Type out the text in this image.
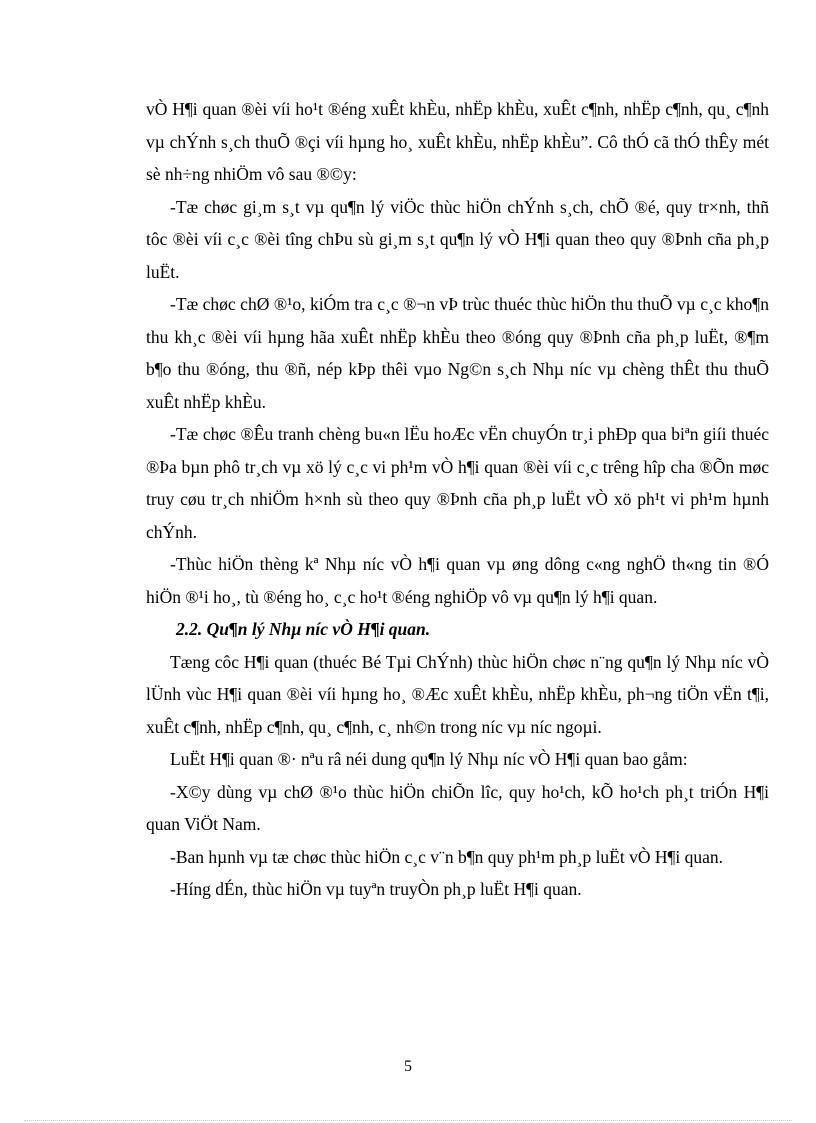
vÒ H¶i quan ®èi víi ho¹t ®éng xuÊt khÈu, nhËp khÈu, xuÊt c¶nh, nhËp c¶nh, qu¸ c¶nh vµ chÝnh s¸ch thuÕ ®çi víi hµng ho¸ xuÊt khÈu, nhËp khÈu”. Cô thÓ cã thÓ thÊy mét sè nh÷ng nhiÖm vô sau ®©y:

-Tæ chøc gi¸m s¸t vµ qu¶n lý viÖc thùc hiÖn chÝnh s¸ch, chÕ ®é, quy tr×nh, thñ tôc ®èi víi c¸c ®èi tîng chÞu sù gi¸m s¸t qu¶n lý vÒ H¶i quan theo quy ®Þnh cña ph¸p luËt.

-Tæ chøc chØ ®¹o, kiÓm tra c¸c ®¬n vÞ trùc thuéc thùc hiÖn thu thuÕ vµ c¸c kho¶n thu kh¸c ®èi víi hµng hãa xuÊt nhËp khÈu theo ®óng quy ®Þnh cña ph¸p luËt, ®¶m b¶o thu ®óng, thu ®ñ, nép kÞp thêi vµo Ng©n s¸ch Nhµ níc vµ chèng thÊt thu thuÕ xuÊt nhËp khÈu.

-Tæ chøc ®Êu tranh chèng bu«n lËu hoÆc vËn chuyÓn tr¸i phÐp qua biªn giíi thuéc ®Þa bµn phô tr¸ch vµ xö lý c¸c vi ph¹m vÒ h¶i quan ®èi víi c¸c trêng hîp cha ®Õn møc truy cøu tr¸ch nhiÖm h×nh sù theo quy ®Þnh cña ph¸p luËt vÒ xö ph¹t vi ph¹m hµnh chÝnh.

-Thùc hiÖn thèng kª Nhµ níc vÒ h¶i quan vµ øng dông c«ng nghÖ th«ng tin ®Ó hiÖn ®¹i ho¸, tù ®éng ho¸ c¸c ho¹t ®éng nghiÖp vô vµ qu¶n lý h¶i quan.

2.2. Qu¶n lý Nhµ níc vÒ H¶i quan.

Tæng côc H¶i quan (thuéc Bé Tµi ChÝnh) thùc hiÖn chøc n¨ng qu¶n lý Nhµ níc vÒ lÜnh vùc H¶i quan ®èi víi hµng ho¸ ®Æc xuÊt khÈu, nhËp khÈu, ph¬ng tiÖn vËn t¶i, xuÊt c¶nh, nhËp c¶nh, qu¸ c¶nh, c¸ nh©n trong níc vµ níc ngoµi.

LuËt H¶i quan ®· nªu râ néi dung qu¶n lý Nhµ níc vÒ H¶i quan bao gåm:

-X©y dùng vµ chØ ®¹o thùc hiÖn chiÕn lîc, quy ho¹ch, kÕ ho¹ch ph¸t triÓn H¶i quan ViÖt Nam.

-Ban hµnh vµ tæ chøc thùc hiÖn c¸c v¨n b¶n quy ph¹m ph¸p luËt vÒ H¶i quan.

-Híng dÉn, thùc hiÖn vµ tuyªn truyÒn ph¸p luËt H¶i quan.

5
